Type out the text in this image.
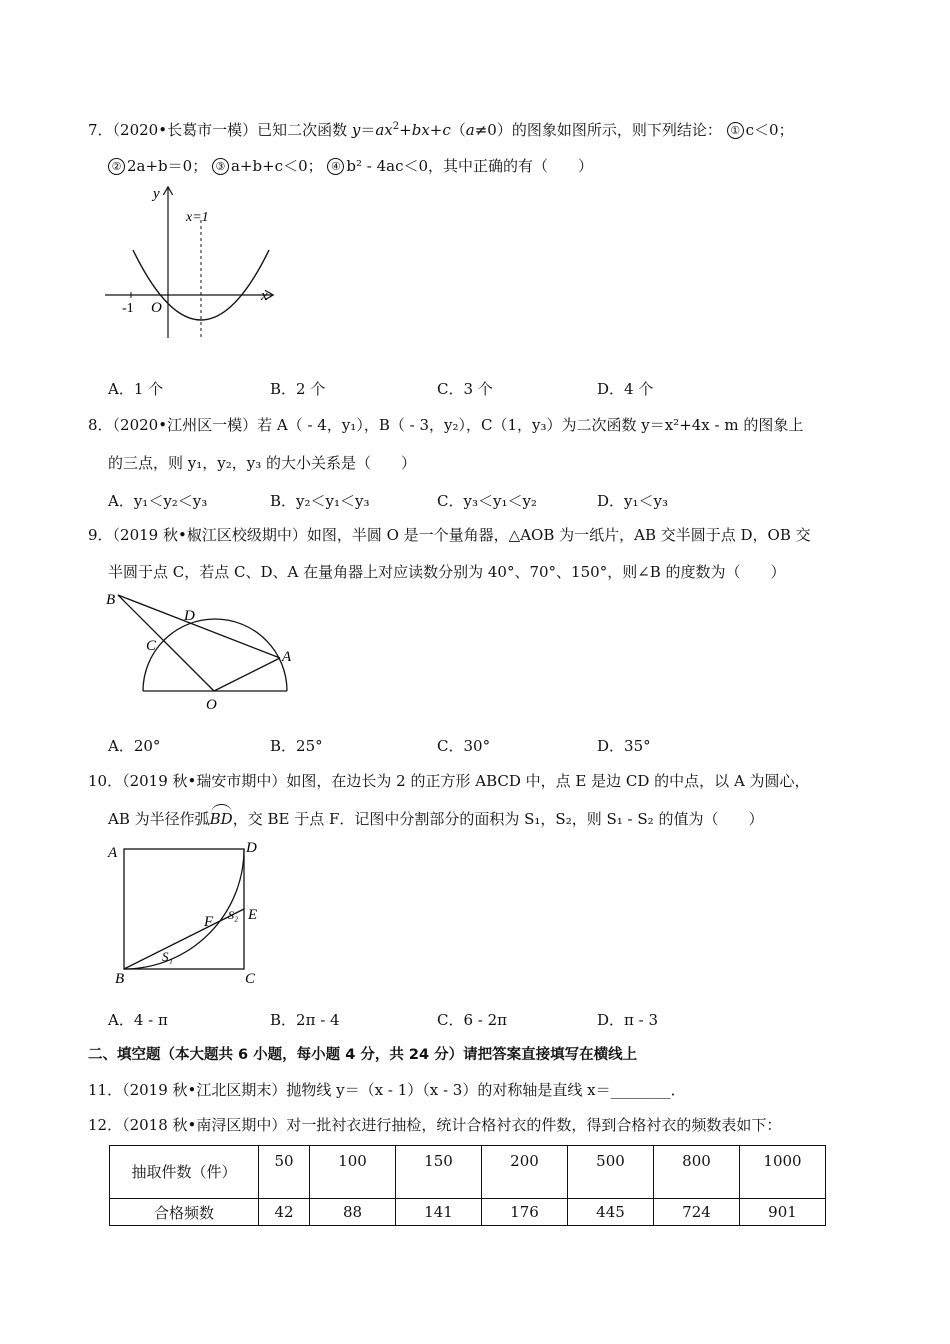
7．（2020•长葛市一模）已知二次函数 $y=ax^2+bx+c(a\ne 0)$的图象如图所示，则下列结论： ① c＜0；
② 2a+b＝0； ③ a+b+c＜0； ④ b² - 4ac＜0，其中正确的有（　　）
y
x
x=1
-1 O
A．1 个	B．2 个	C．3 个	D．4 个
8．（2020•江州区一模）若 A（ - 4，y₁），B（ - 3，y₂），C（1，y₃）为二次函数 y＝x²+4x - m 的图象上
的三点，则 y₁，y₂，y₃ 的大小关系是（　　）
A．y₁＜y₂＜y₃	B．y₂＜y₁＜y₃	C．y₃＜y₁＜y₂	D．y₁＜y₃
9．（2019 秋•椒江区校级期中）如图，半圆 O 是一个量角器，△AOB 为一纸片，AB 交半圆于点 D，OB 交
半圆于点 C，若点 C、D、A 在量角器上对应读数分别为 40°、70°、150°，则∠B 的度数为（　　）
B
D
C
A
O
A．20°	B．25°	C．30°	D．35°
10．（2019 秋•瑞安市期中）如图，在边长为 2 的正方形 ABCD 中，点 E 是边 CD 的中点，以 A 为圆心，
AB 为半径作弧BD，交 BE 于点 F．记图中分割部分的面积为 S₁，S₂，则 S₁ - S₂ 的值为（　　）
A	D
E
F
B	C
S₁
S₂
A．4 - π	B．2π - 4	C．6 - 2π	D．π - 3
二、填空题（本大题共 6 小题，每小题 4 分，共 24 分）请把答案直接填写在横线上
11．（2019 秋•江北区期末）抛物线 y＝（x - 1）（x - 3）的对称轴是直线 x＝________．
12．（2018 秋•南浔区期中）对一批衬衣进行抽检，统计合格衬衣的件数，得到合格衬衣的频数表如下：
抽取件数（件）	50	100	150	200	500	800	1000
合格频数	42	88	141	176	445	724	901
